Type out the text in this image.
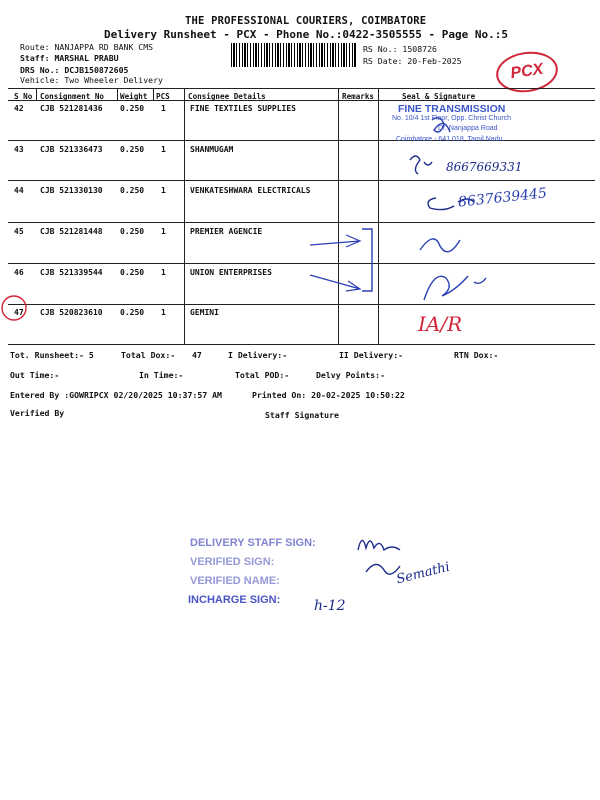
THE PROFESSIONAL COURIERS, COIMBATORE
Delivery Runsheet - PCX - Phone No.:0422-3505555 - Page No.:5
Route: NANJAPPA RD BANK CMS
Staff: MARSHAL PRABU
DRS No.: DCJB150872605
Vehicle: Two Wheeler Delivery
RS No.: 1508726
RS Date: 20-Feb-2025	PCX
S No Consignment No Weight PCS Consignee Details	Remarks	Seal & Signature
42 CJB 521281436 0.250 1	FINE TEXTILES SUPPLIES
43 CJB 521336473 0.250 1	SHANMUGAM
44 CJB 521330130 0.250 1	VENKATESHWARA ELECTRICALS
45 CJB 521281448 0.250 1	PREMIER AGENCIE
46 CJB 521339544 0.250 1	UNION ENTERPRISES
47 CJB 520823610 0.250 1	GEMINI
FINE TRANSMISSION
No. 10/4 1st Floor, Opp. Christ Church
Dr. Nanjappa Road
Coimbatore - 641 018, Tamil Nadu.
8667669331
8637639445
IA/R
Tot. Runsheet:- 5	Total Dox:- 47	I Delivery:-	II Delivery:-	RTN Dox:-
Out Time:-	In Time:-	Total POD:-	Delvy Points:-
Entered By :GOWRIPCX 02/20/2025 10:37:57 AM	Printed On: 20-02-2025 10:50:22
Verified By	Staff Signature
DELIVERY STAFF SIGN:
VERIFIED SIGN:
VERIFIED NAME:
INCHARGE SIGN:
Semathi
h-12
